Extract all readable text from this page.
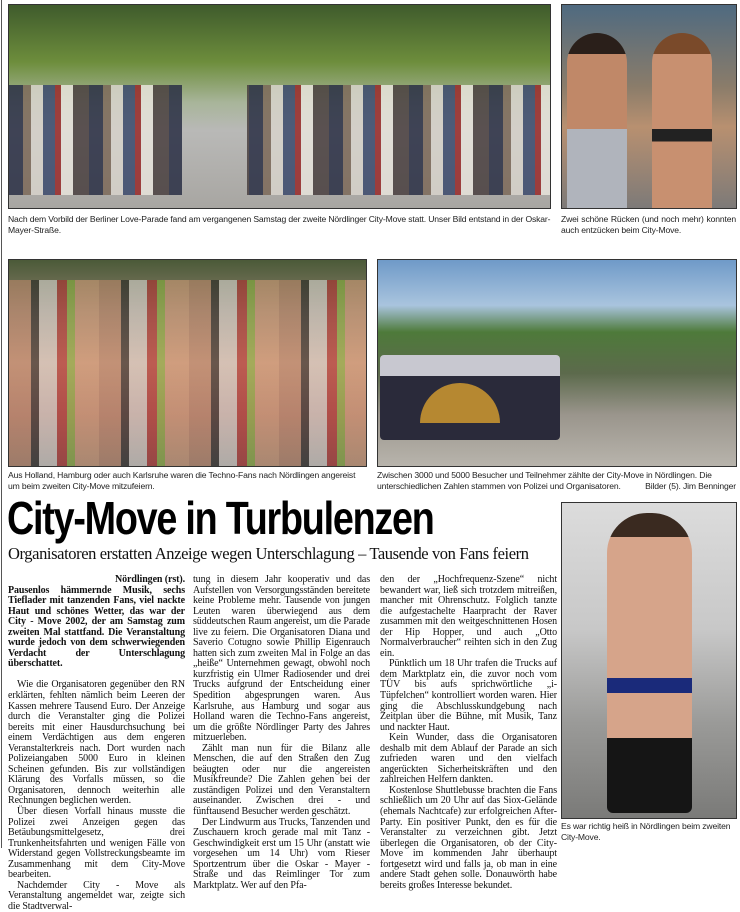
Nach dem Vorbild der Berliner Love-Parade fand am vergangenen Samstag der zweite Nördlinger City-Move statt. Unser Bild entstand in der Oskar-Mayer-Straße.
Zwei schöne Rücken (und noch mehr) konnten auch entzücken beim City-Move.
Aus Holland, Hamburg oder auch Karlsruhe waren die Techno-Fans nach Nördlingen angereist um beim zweiten City-Move mitzufeiern.
Zwischen 3000 und 5000 Besucher und Teilnehmer zählte der City-Move in Nördlingen. Die unterschiedlichen Zahlen stammen von Polizei und Organisatoren.	Bilder (5). Jim Benninger
City-Move in Turbulenzen
Organisatoren erstatten Anzeige wegen Unterschlagung – Tausende von Fans feiern
Es war richtig heiß in Nördlingen beim zweiten City-Move.

Nördlingen (rst).

Pausenlos hämmernde Musik, sechs Tieflader mit tanzenden Fans, viel nackte Haut und schönes Wetter, das war der City - Move 2002, der am Samstag zum zweiten Mal stattfand. Die Veranstaltung wurde jedoch von dem schwerwiegenden Verdacht der Unterschlagung überschattet.

Wie die Organisatoren gegenüber den RN erklärten, fehlten nämlich beim Leeren der Kassen mehrere Tausend Euro. Der Anzeige durch die Veranstalter ging die Polizei bereits mit einer Hausdurchsuchung bei einem Verdächtigen aus dem engeren Veranstalterkreis nach. Dort wurden nach Polizeiangaben 5000 Euro in kleinen Scheinen gefunden. Bis zur vollständigen Klärung des Vorfalls müssen, so die Organisatoren, dennoch weiterhin alle Rechnungen beglichen werden.

Über diesen Vorfall hinaus musste die Polizei zwei Anzeigen gegen das Betäubungsmittelgesetz, drei Trunkenheitsfahrten und wenigen Fälle von Widerstand gegen Vollstreckungsbeamte im Zusammenhang mit dem City-Move bearbeiten.

Nachdemder City - Move als Veranstaltung angemeldet war, zeigte sich die Stadtverwal-

tung in diesem Jahr kooperativ und das Aufstellen von Versorgungsständen bereitete keine Probleme mehr. Tausende von jungen Leuten waren überwiegend aus dem süddeutschen Raum angereist, um die Parade live zu feiern. Die Organisatoren Diana und Saverio Cotugno sowie Phillip Eigenrauch hatten sich zum zweiten Mal in Folge an das „heiße“ Unternehmen gewagt, obwohl noch kurzfristig ein Ulmer Radiosender und drei Trucks aufgrund der Entscheidung einer Spedition abgesprungen waren. Aus Karlsruhe, aus Hamburg und sogar aus Holland waren die Techno-Fans angereist, um die größte Nördlinger Party des Jahres mitzuerleben.

Zählt man nun für die Bilanz alle Menschen, die auf den Straßen den Zug beäugten oder nur die angereisten Musikfreunde? Die Zahlen gehen bei der zuständigen Polizei und den Veranstaltern auseinander. Zwischen drei - und fünftausend Besucher werden geschätzt.

Der Lindwurm aus Trucks, Tanzenden und Zuschauern kroch gerade mal mit Tanz - Geschwindigkeit erst um 15 Uhr (anstatt wie vorgesehen um 14 Uhr) vom Rieser Sportzentrum über die Oskar - Mayer - Straße und das Reimlinger Tor zum Marktplatz. Wer auf den Pfa-

den der „Hochfrequenz-Szene“ nicht bewandert war, ließ sich trotzdem mitreißen, mancher mit Ohrenschutz. Folglich tanzte die aufgestachelte Haarpracht der Raver zusammen mit den weitgeschnittenen Hosen der Hip Hopper, und auch „Otto Normalverbraucher“ reihten sich in den Zug ein.

Pünktlich um 18 Uhr trafen die Trucks auf dem Marktplatz ein, die zuvor noch vom TÜV bis aufs sprichwörtliche „i-Tüpfelchen“ kontrolliert worden waren. Hier ging die Abschlusskundgebung nach Zeitplan über die Bühne, mit Musik, Tanz und nackter Haut.

Kein Wunder, dass die Organisatoren deshalb mit dem Ablauf der Parade an sich zufrieden waren und den vielfach angerückten Sicherheitskräften und den zahlreichen Helfern dankten.

Kostenlose Shuttlebusse brachten die Fans schließlich um 20 Uhr auf das Siox-Gelände (ehemals Nachtcafe) zur erfolgreichen After-Party. Ein positiver Punkt, den es für die Veranstalter zu verzeichnen gibt. Jetzt überlegen die Organisatoren, ob der City-Move im kommenden Jahr überhaupt fortgesetzt wird und falls ja, ob man in eine andere Stadt gehen solle. Donauwörth habe bereits großes Interesse bekundet.
